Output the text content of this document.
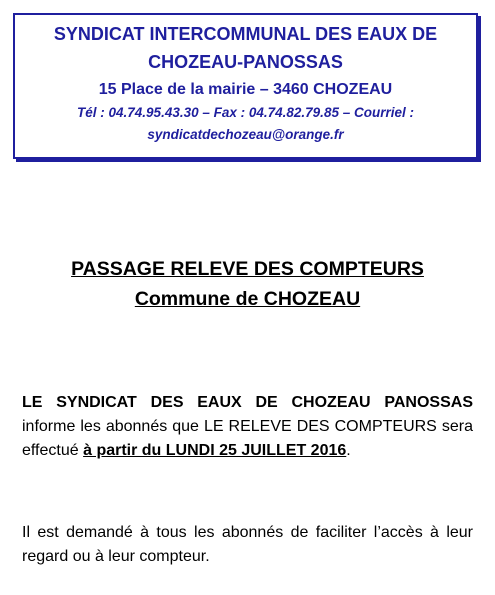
SYNDICAT INTERCOMMUNAL DES EAUX DE
CHOZEAU-PANOSSAS
15 Place de la mairie – 3460 CHOZEAU
Tél : 04.74.95.43.30 – Fax : 04.74.82.79.85 – Courriel :
syndicatdechozeau@orange.fr
PASSAGE RELEVE DES COMPTEURS
Commune de CHOZEAU
LE SYNDICAT DES EAUX DE CHOZEAU PANOSSAS informe les abonnés que LE RELEVE DES COMPTEURS sera effectué à partir du LUNDI 25 JUILLET 2016.
Il est demandé à tous les abonnés de faciliter l’accès à leur regard ou à leur compteur.
